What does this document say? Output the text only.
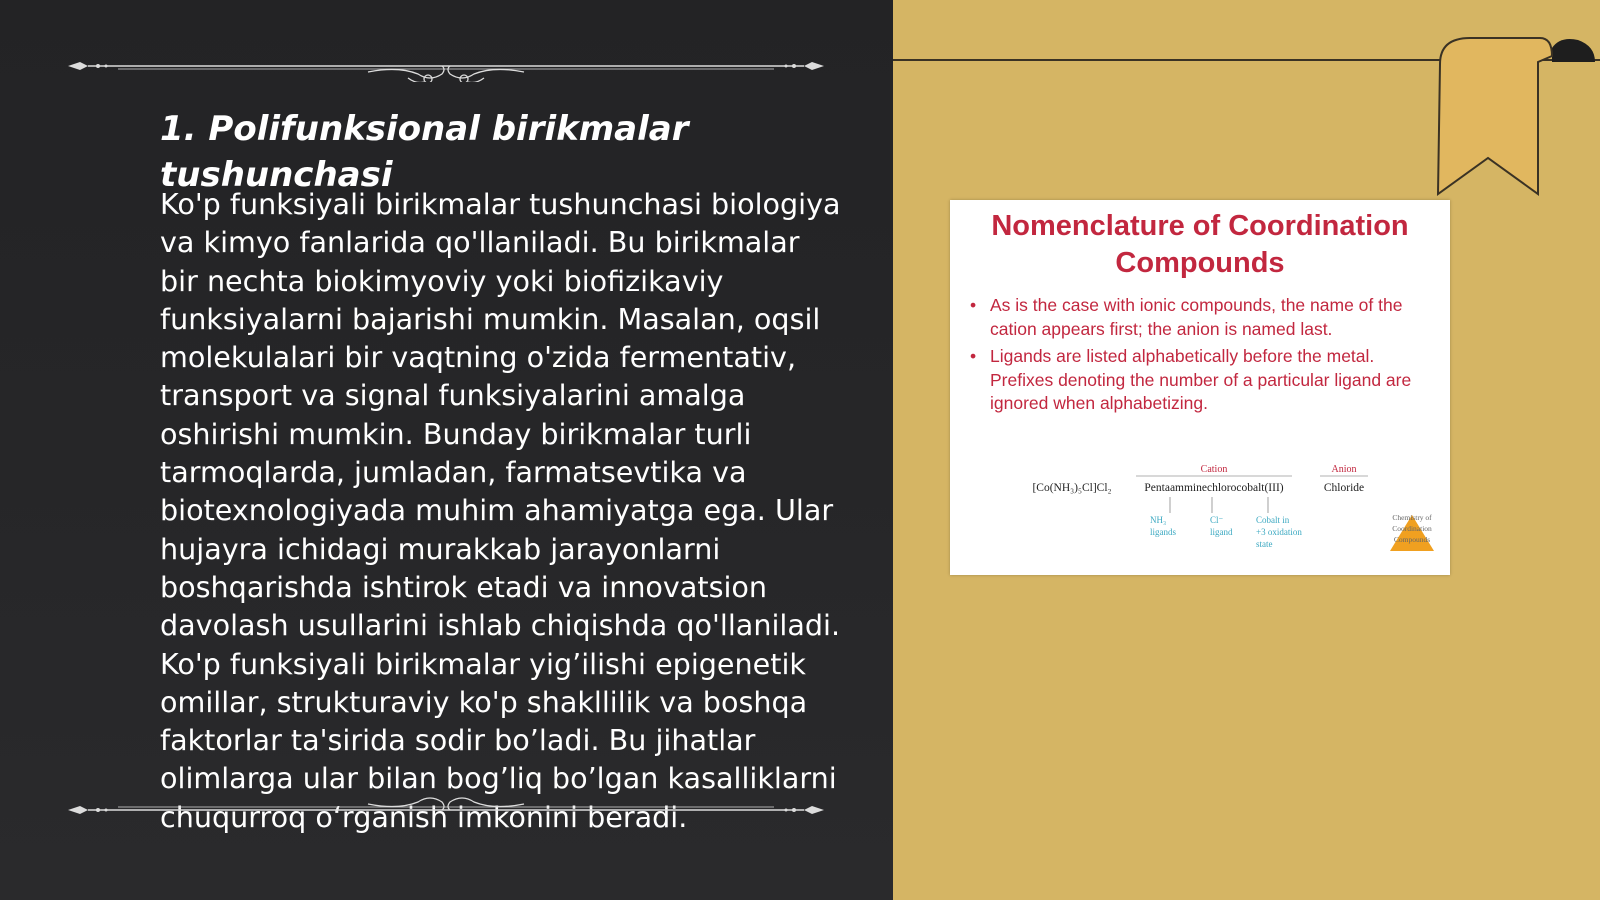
1. Polifunksional birikmalar tushunchasi

Ko'p funksiyali birikmalar tushunchasi biologiya va kimyo fanlarida qo'llaniladi. Bu birikmalar bir nechta biokimyoviy yoki biofizikaviy funksiyalarni bajarishi mumkin. Masalan, oqsil molekulalari bir vaqtning o'zida fermentativ, transport va signal funksiyalarini amalga oshirishi mumkin. Bunday birikmalar turli tarmoqlarda, jumladan, farmatsevtika va biotexnologiyada muhim ahamiyatga ega. Ular hujayra ichidagi murakkab jarayonlarni boshqarishda ishtirok etadi va innovatsion davolash usullarini ishlab chiqishda qo'llaniladi. Ko'p funksiyali birikmalar yig’ilishi epigenetik omillar, strukturaviy ko'p shakllilik va boshqa faktorlar ta'sirida sodir bo’ladi. Bu jihatlar olimlarga ular bilan bog’liq bo’lgan kasalliklarni chuqurroq o‘rganish imkonini beradi.

Nomenclature of Coordination Compounds
• As is the case with ionic compounds, the name of the cation appears first; the anion is named last.
• Ligands are listed alphabetically before the metal. Prefixes denoting the number of a particular ligand are ignored when alphabetizing.
Cation	Anion
[Co(NH₃)₅Cl]Cl₂	Pentaamminechlorocobalt(III)	Chloride
NH₃
ligands
Cl⁻
ligand
Cobalt in
+3 oxidation
state
Chemistry of
Coordination
Compounds
